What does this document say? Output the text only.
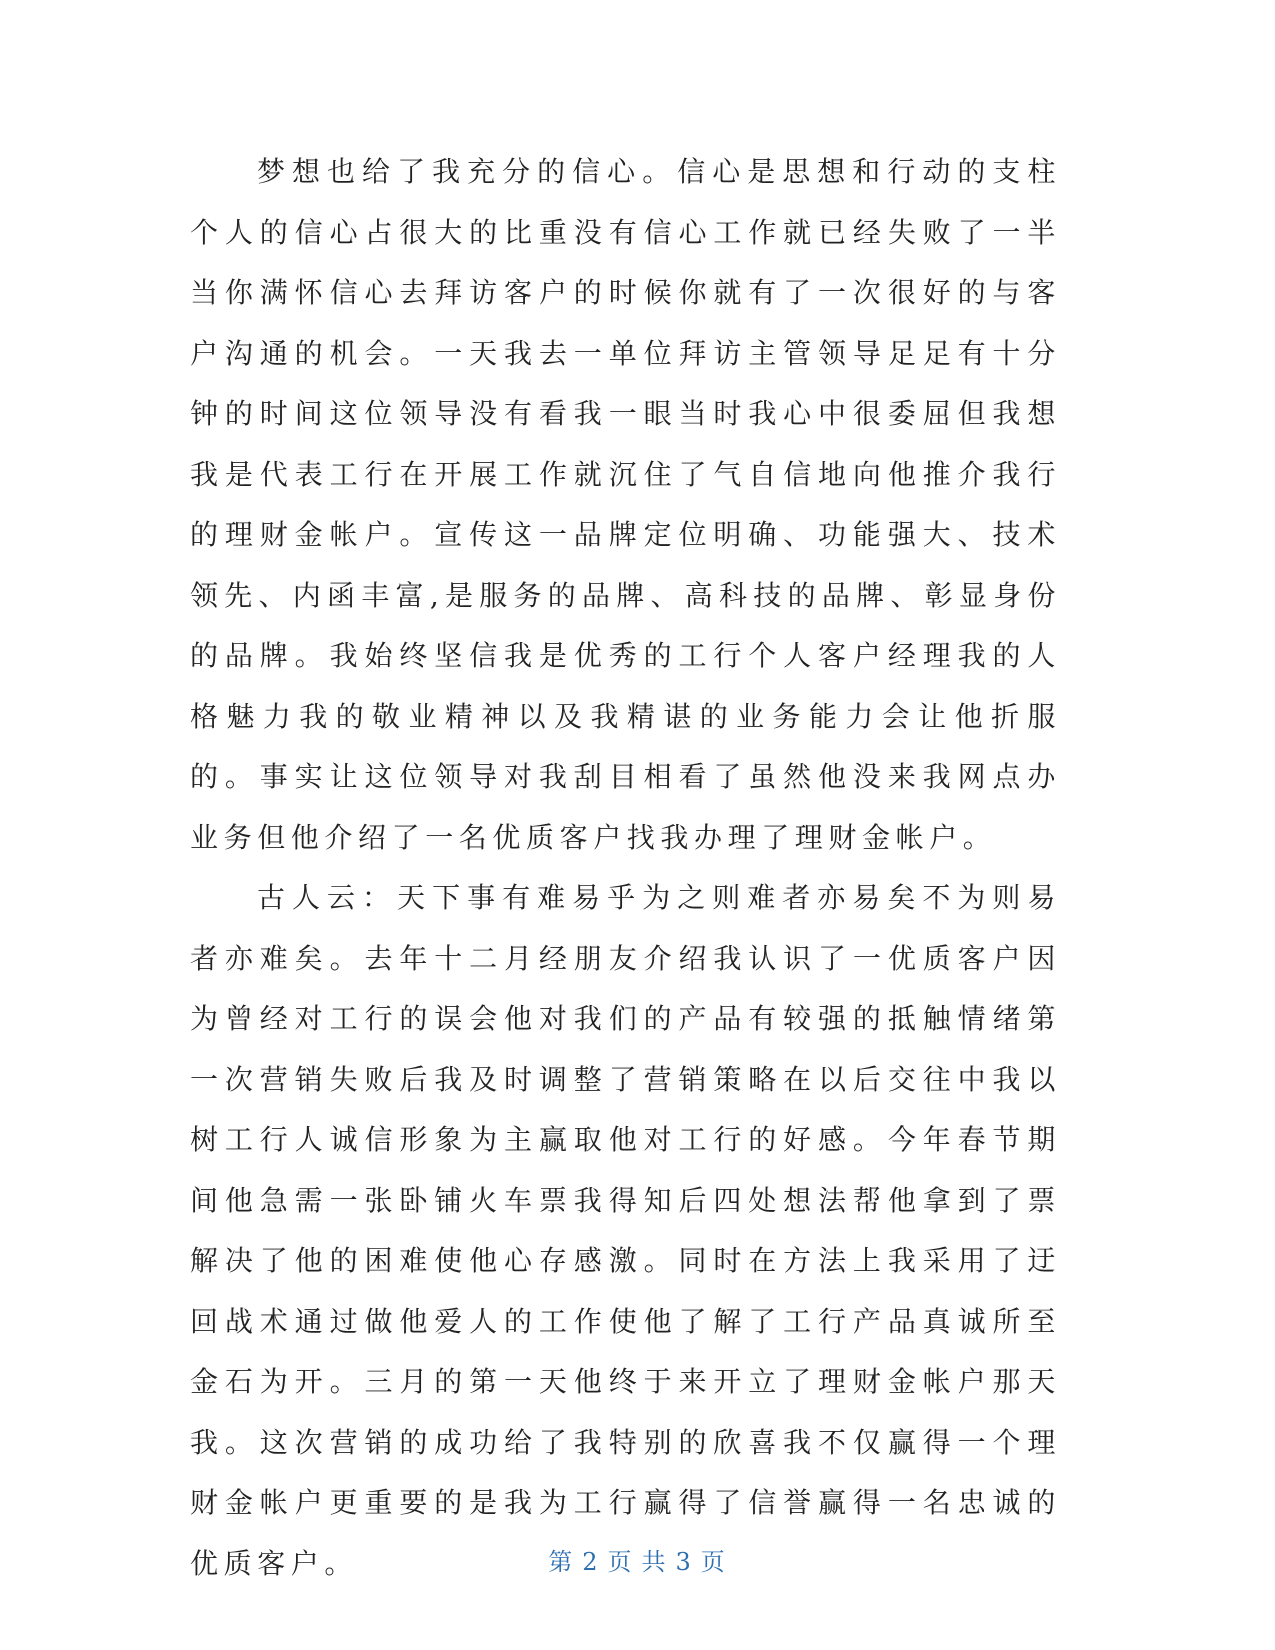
梦想也给了我充分的信心。信心是思想和行动的支柱个人的信心占很大的比重没有信心工作就已经失败了一半当你满怀信心去拜访客户的时候你就有了一次很好的与客户沟通的机会。一天我去一单位拜访主管领导足足有十分钟的时间这位领导没有看我一眼当时我心中很委屈但我想我是代表工行在开展工作就沉住了气自信地向他推介我行的理财金帐户。宣传这一品牌定位明确、功能强大、技术领先、内函丰富,是服务的品牌、高科技的品牌、彰显身份的品牌。我始终坚信我是优秀的工行个人客户经理我的人格魅力我的敬业精神以及我精谌的业务能力会让他折服的。事实让这位领导对我刮目相看了虽然他没来我网点办业务但他介绍了一名优质客户找我办理了理财金帐户。

古人云：天下事有难易乎为之则难者亦易矣不为则易者亦难矣。去年十二月经朋友介绍我认识了一优质客户因为曾经对工行的误会他对我们的产品有较强的抵触情绪第一次营销失败后我及时调整了营销策略在以后交往中我以树工行人诚信形象为主赢取他对工行的好感。今年春节期间他急需一张卧铺火车票我得知后四处想法帮他拿到了票解决了他的困难使他心存感激。同时在方法上我采用了迂回战术通过做他爱人的工作使他了解了工行产品真诚所至金石为开。三月的第一天他终于来开立了理财金帐户那天我。这次营销的成功给了我特别的欣喜我不仅赢得一个理财金帐户更重要的是我为工行赢得了信誉赢得一名忠诚的优质客户。	第 2 页 共 3 页
